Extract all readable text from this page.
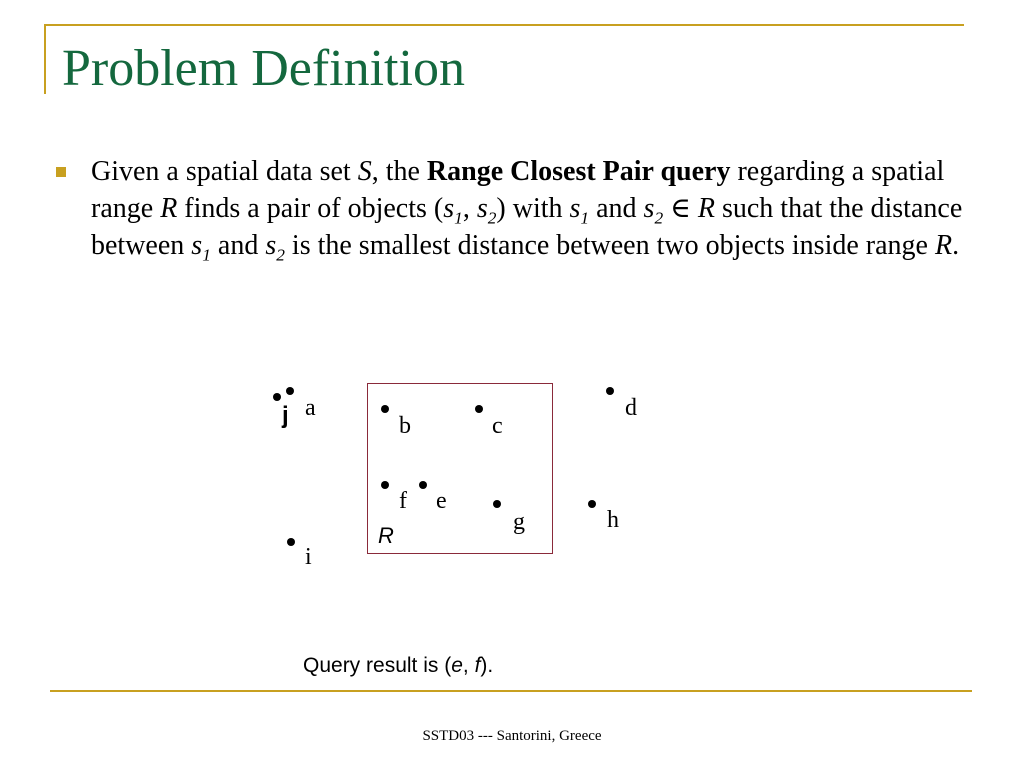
Problem Definition

Given a spatial data set S, the Range Closest Pair query regarding a spatial range R finds a pair of objects ($s_1$, $s_2$) with $s_1$ and $s_2$ ∈ R such that the distance between $s_1$ and $s_2$ is the smallest distance between two objects inside range R.

R
j a
b	c
d
f e
g	h
i
Query result is (e, f).
SSTD03 --- Santorini, Greece
